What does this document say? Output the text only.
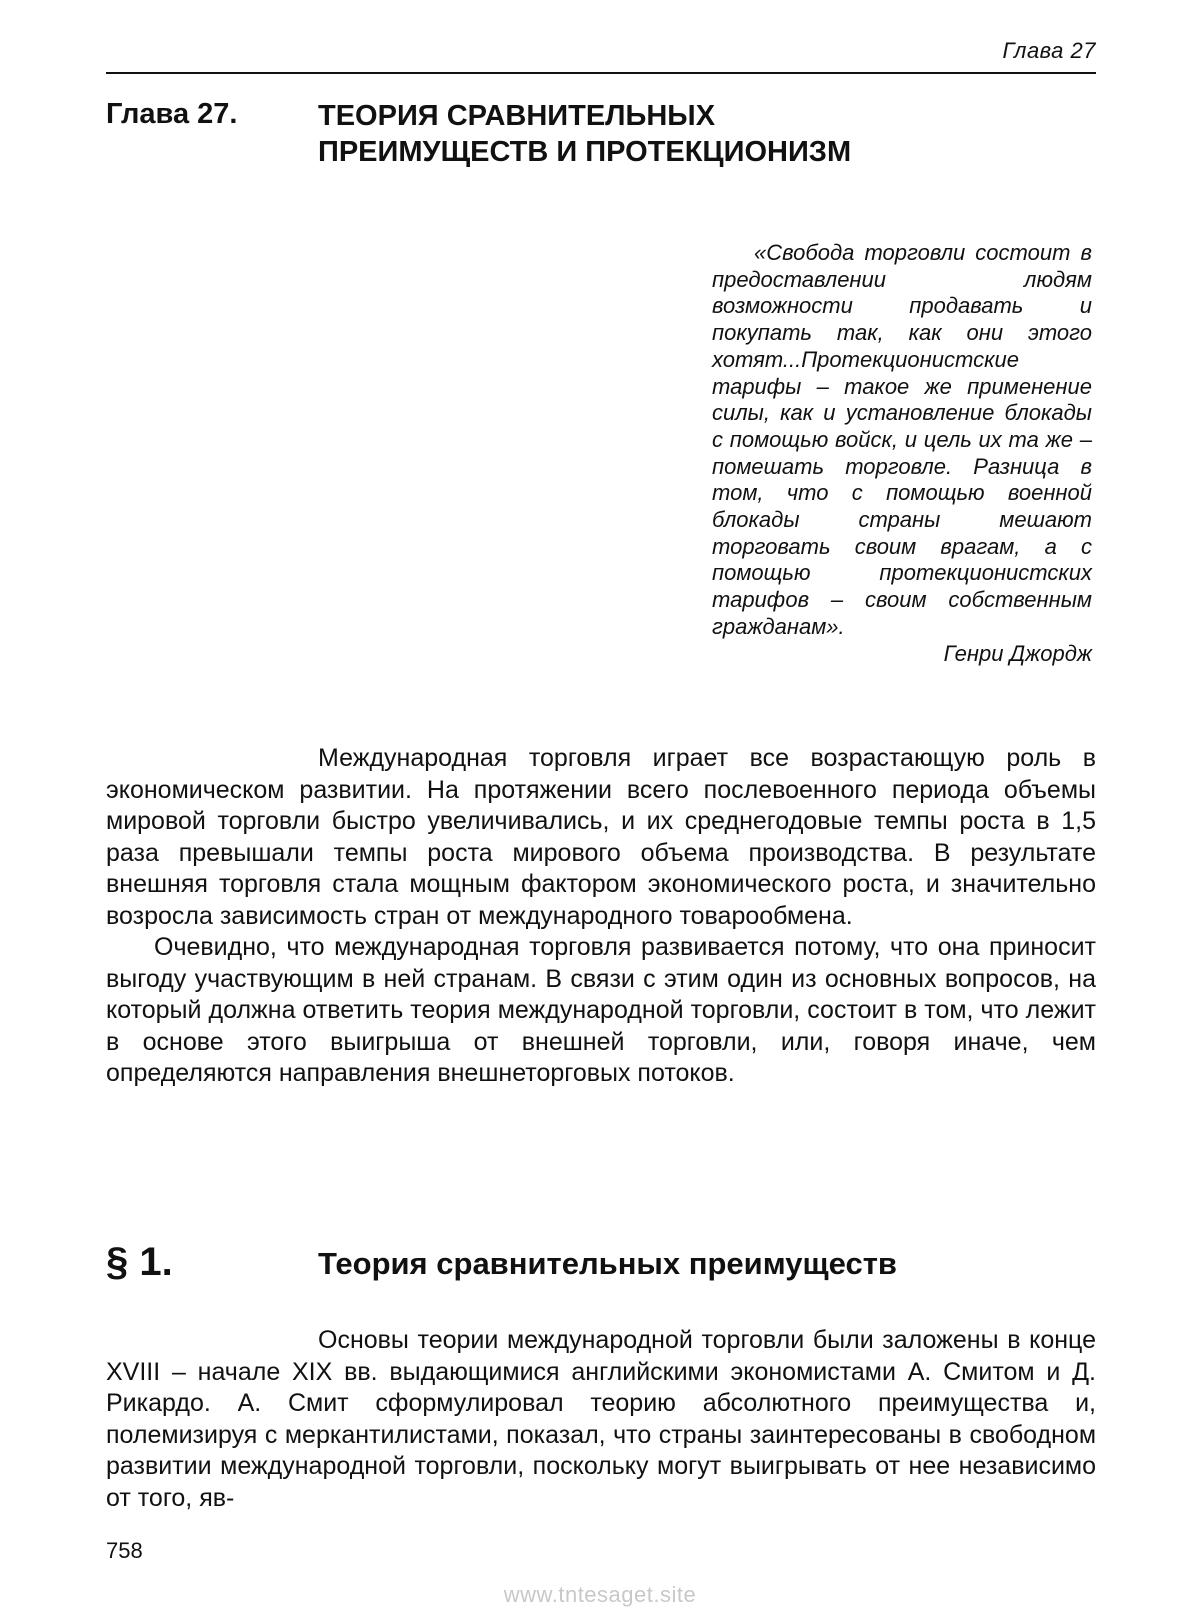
Глава 27
Глава 27.	ТЕОРИЯ СРАВНИТЕЛЬНЫХ
ПРЕИМУЩЕСТВ И ПРОТЕКЦИОНИЗМ

«Свобода торговли состоит в предоставлении людям возможности продавать и покупать так, как они этого хотят...Протекционистские тарифы – такое же применение силы, как и установление блокады с помощью войск, и цель их та же – помешать торговле. Разница в том, что с помощью военной блокады страны мешают торговать своим врагам, а с помощью протекционистских тарифов – своим собственным гражданам».

Генри Джордж

Международная торговля играет все возрастающую роль в экономическом развитии. На протяжении всего послевоенного периода объемы мировой торговли быстро увеличивались, и их среднегодовые темпы роста в 1,5 раза превышали темпы роста мирового объема производства. В результате внешняя торговля стала мощным фактором экономического роста, и значительно возросла зависимость стран от международного товарообмена.

Очевидно, что международная торговля развивается потому, что она приносит выгоду участвующим в ней странам. В связи с этим один из основных вопросов, на который должна ответить теория международной торговли, состоит в том, что лежит в основе этого выигрыша от внешней торговли, или, говоря иначе, чем определяются направления внешнеторговых потоков.

§ 1.	Теория сравнительных преимуществ

Основы теории международной торговли были заложены в конце XVIII – начале XIX вв. выдающимися английскими экономистами А. Смитом и Д. Рикардо. А. Смит сформулировал теорию абсолютного преимущества и, полемизируя с меркантилистами, показал, что страны заинтересованы в свободном развитии международной торговли, поскольку могут выигрывать от нее независимо от того, яв-

758
www.tntesaget.site
